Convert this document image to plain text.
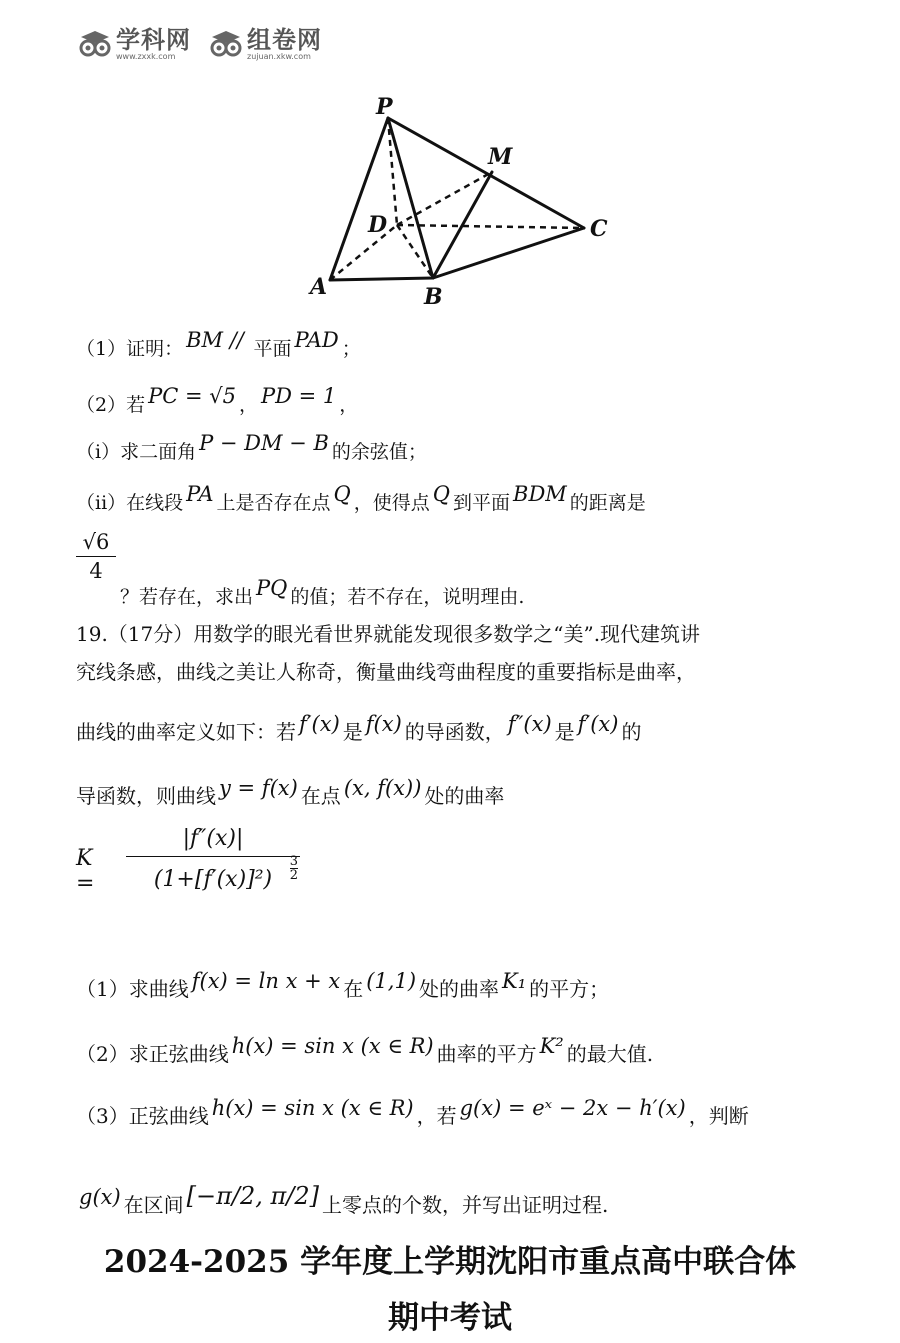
学科网
www.zxxk.com
组卷网
zujuan.xkw.com
P
M
D	C
A	B
（1）证明： BM // 平面 PAD ；
（2）若 PC = √5 ， PD = 1 ，
（i）求二面角 P − DM − B 的余弦值；
（ii）在线段 PA 上是否存在点 Q ，使得点 Q 到平面 BDM 的距离是
$\frac{√6}{4}$
？若存在，求出 PQ 的值；若不存在，说明理由.
19.（17分）用数学的眼光看世界就能发现很多数学之“美”.现代建筑讲
究线条感，曲线之美让人称奇，衡量曲线弯曲程度的重要指标是曲率，
曲线的曲率定义如下：若 f′(x) 是 f(x) 的导函数， f″(x) 是 f′(x) 的
导函数，则曲线 y = f(x) 在点 (x, f(x)) 处的曲率
$K = \frac{|f''(x)|}{(1+[f'(x)]^2) \frac{3}{2}}$
（1）求曲线 f(x) = ln x + x 在 (1,1) 处的曲率 K₁ 的平方；
（2）求正弦曲线 h(x) = sin x (x ∈ R) 曲率的平方 K² 的最大值.
（3）正弦曲线 h(x) = sin x (x ∈ R) ，若 g(x) = eˣ − 2x − h′(x) ，判断
g(x) 在区间 [−π/2, π/2] 上零点的个数，并写出证明过程.
2024-2025 学年度上学期沈阳市重点高中联合体
期中考试
